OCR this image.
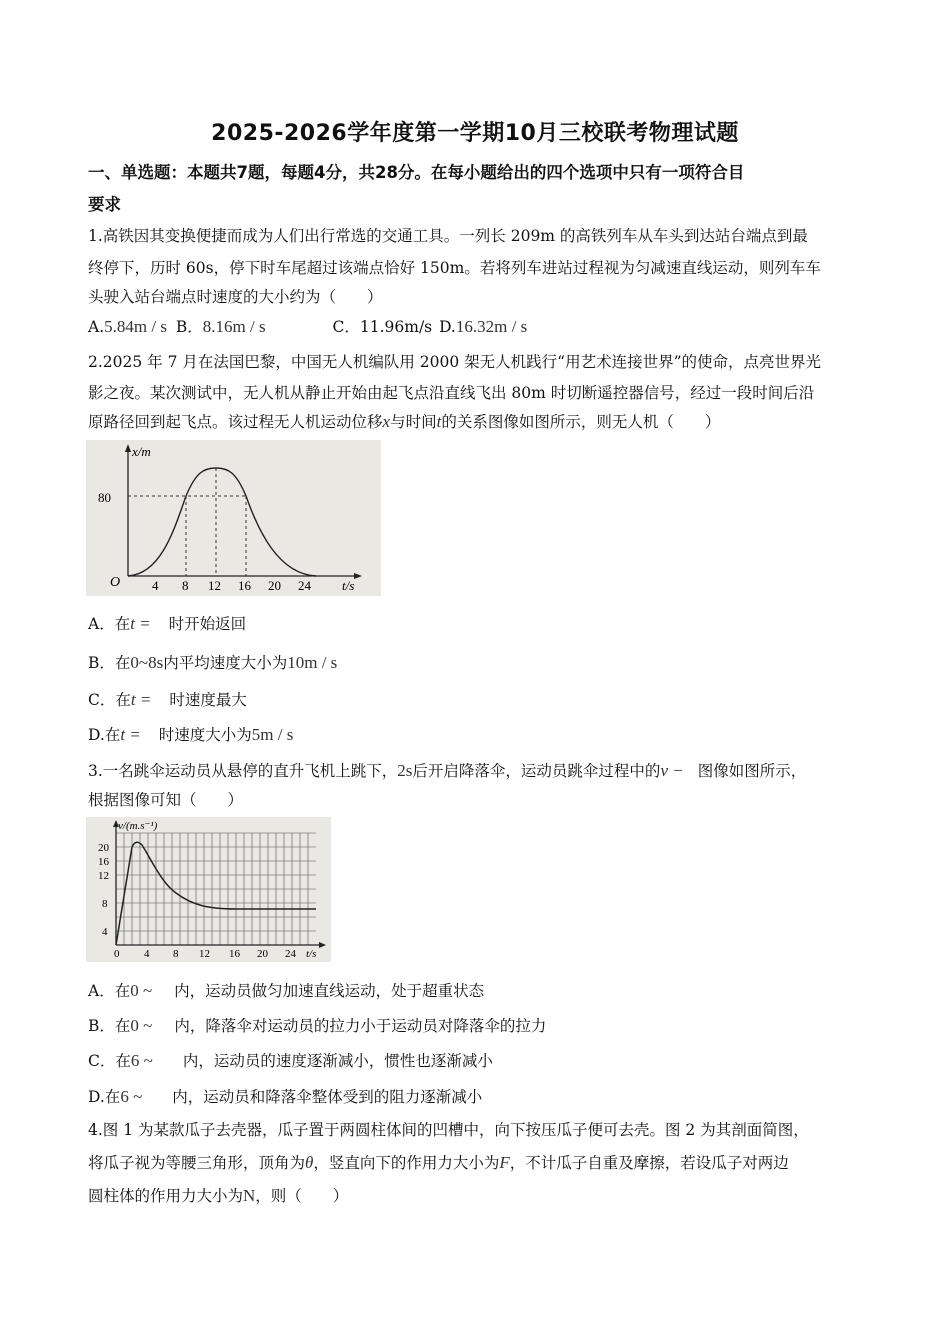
2025-2026学年度第一学期10月三校联考物理试题
一、单选题：本题共7题，每题4分，共28分。在每小题给出的四个选项中只有一项符合目
要求
1.高铁因其变换便捷而成为人们出行常选的交通工具。一列长 209m 的高铁列车从车头到达站台端点到最
终停下，历时 60s，停下时车尾超过该端点恰好 150m。若将列车进站过程视为匀减速直线运动，则列车车
头驶入站台端点时速度的大小约为（　　）
A.5.84m / s B．8.16m / s	C．11.96m/s D.16.32m / s
2.2025 年 7 月在法国巴黎，中国无人机编队用 2000 架无人机践行“用艺术连接世界”的使命，点亮世界光
影之夜。某次测试中，无人机从静止开始由起飞点沿直线飞出 80m 时切断遥控器信号，经过一段时间后沿
原路径回到起飞点。该过程无人机运动位移x与时间t的关系图像如图所示，则无人机（　　）
x/m
80
O 4 8 12 16 20 24 t/s
A．在t = 时开始返回
B．在0~8s内平均速度大小为10m / s
C．在t = 时速度最大
D.在t = 时速度大小为5m / s
3.一名跳伞运动员从悬停的直升飞机上跳下，2s后开启降落伞，运动员跳伞过程中的v − 图像如图所示，
根据图像可知（　　）
v/(m.s⁻¹)
20
16
12
8
4
0 4 8 12 16 20 24 t/s
A．在0 ~ 内，运动员做匀加速直线运动，处于超重状态
B．在0 ~ 内，降落伞对运动员的拉力小于运动员对降落伞的拉力
C．在6 ~ 内，运动员的速度逐渐减小，惯性也逐渐减小
D.在6 ~ 内，运动员和降落伞整体受到的阻力逐渐减小
4.图 1 为某款瓜子去壳器，瓜子置于两圆柱体间的凹槽中，向下按压瓜子便可去壳。图 2 为其剖面简图，
将瓜子视为等腰三角形，顶角为θ，竖直向下的作用力大小为F，不计瓜子自重及摩擦，若设瓜子对两边
圆柱体的作用力大小为N，则（　　）
